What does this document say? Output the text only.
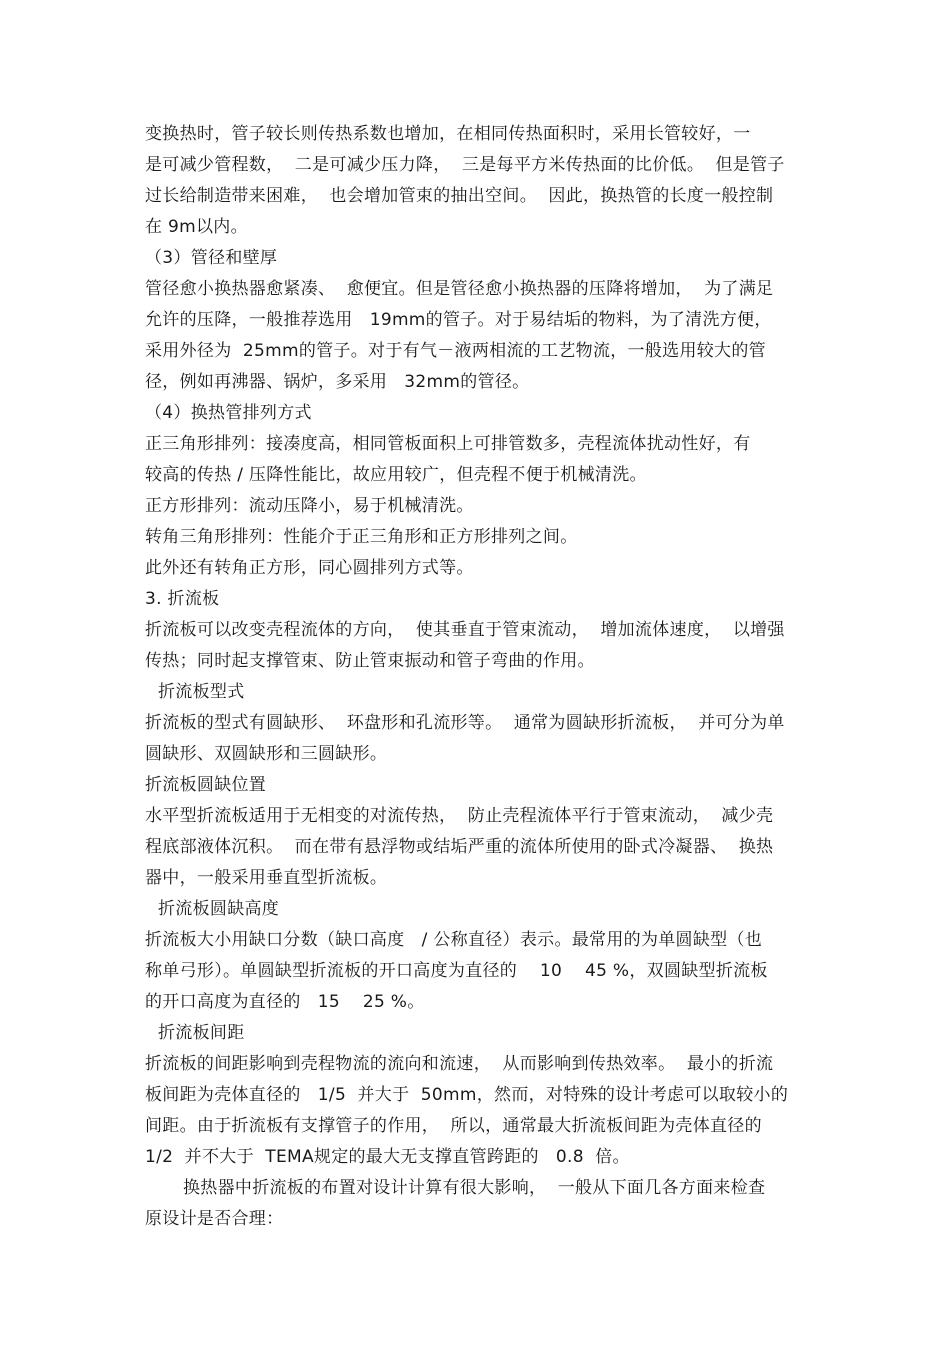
变换热时，管子较长则传热系数也增加，在相同传热面积时，采用长管较好，一

是可减少管程数，  二是可减少压力降，  三是每平方米传热面的比价低。  但是管子

过长给制造带来困难，  也会增加管束的抽出空间。  因此，换热管的长度一般控制

在 9m以内。

（3）管径和壁厚

管径愈小换热器愈紧凑、  愈便宜。但是管径愈小换热器的压降将增加，  为了满足

允许的压降，一般推荐选用   19mm的管子。对于易结垢的物料，为了清洗方便，

采用外径为  25mm的管子。对于有气－液两相流的工艺物流，一般选用较大的管

径，例如再沸器、锅炉，多采用   32mm的管径。

（4）换热管排列方式

正三角形排列：接凑度高，相同管板面积上可排管数多，壳程流体扰动性好，有

较高的传热 / 压降性能比，故应用较广，但壳程不便于机械清洗。

正方形排列：流动压降小，易于机械清洗。

转角三角形排列：性能介于正三角形和正方形排列之间。

此外还有转角正方形，同心圆排列方式等。

3. 折流板

折流板可以改变壳程流体的方向，  使其垂直于管束流动，  增加流体速度，  以增强

传热；同时起支撑管束、防止管束振动和管子弯曲的作用。

折流板型式

折流板的型式有圆缺形、  环盘形和孔流形等。  通常为圆缺形折流板，  并可分为单

圆缺形、双圆缺形和三圆缺形。

折流板圆缺位置

水平型折流板适用于无相变的对流传热，  防止壳程流体平行于管束流动，  减少壳

程底部液体沉积。  而在带有悬浮物或结垢严重的流体所使用的卧式冷凝器、  换热

器中，一般采用垂直型折流板。

折流板圆缺高度

折流板大小用缺口分数（缺口高度   / 公称直径）表示。最常用的为单圆缺型（也

称单弓形）。单圆缺型折流板的开口高度为直径的    10    45 %，双圆缺型折流板

的开口高度为直径的   15    25 %。

折流板间距

折流板的间距影响到壳程物流的流向和流速，  从而影响到传热效率。  最小的折流

板间距为壳体直径的   1/5  并大于  50mm，然而，对特殊的设计考虑可以取较小的

间距。由于折流板有支撑管子的作用，  所以，通常最大折流板间距为壳体直径的

1/2  并不大于  TEMA规定的最大无支撑直管跨距的   0.8  倍。

换热器中折流板的布置对设计计算有很大影响，  一般从下面几各方面来检查

原设计是否合理：
